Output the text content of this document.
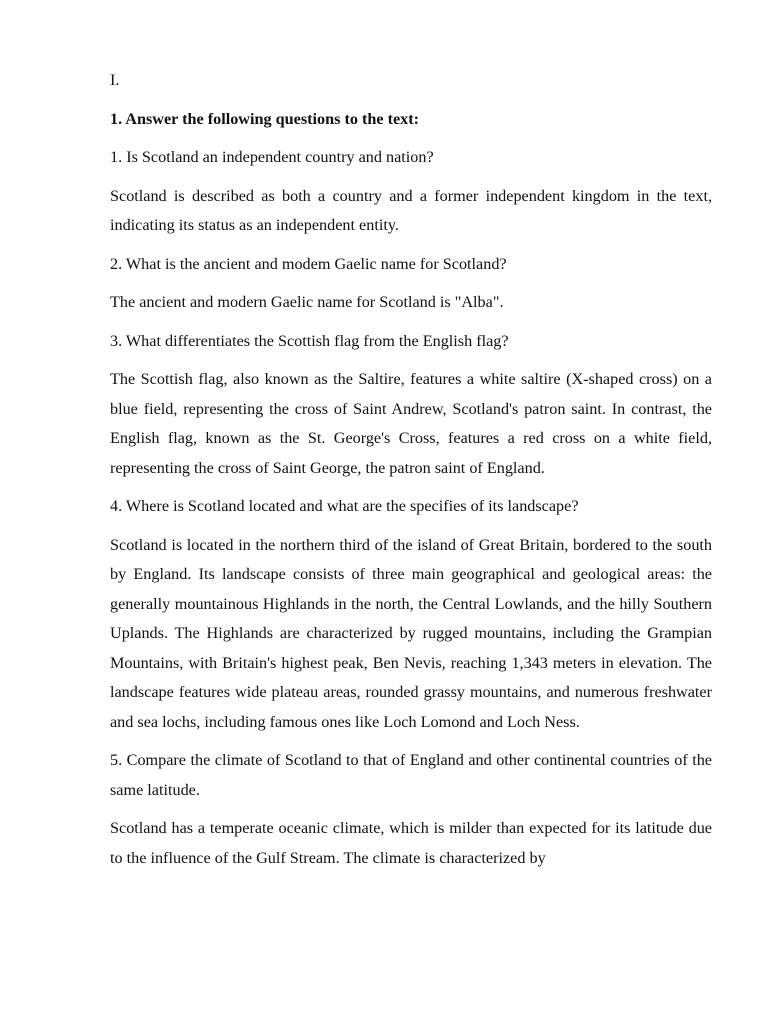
I.

1. Answer the following questions to the text:

1. Is Scotland an independent country and nation?

Scotland is described as both a country and a former independent kingdom in the text, indicating its status as an independent entity.

2. What is the ancient and modem Gaelic name for Scotland?

The ancient and modern Gaelic name for Scotland is "Alba".

3. What differentiates the Scottish flag from the English flag?

The Scottish flag, also known as the Saltire, features a white saltire (X-shaped cross) on a blue field, representing the cross of Saint Andrew, Scotland's patron saint. In contrast, the English flag, known as the St. George's Cross, features a red cross on a white field, representing the cross of Saint George, the patron saint of England.

4. Where is Scotland located and what are the specifies of its landscape?

Scotland is located in the northern third of the island of Great Britain, bordered to the south by England. Its landscape consists of three main geographical and geological areas: the generally mountainous Highlands in the north, the Central Lowlands, and the hilly Southern Uplands. The Highlands are characterized by rugged mountains, including the Grampian Mountains, with Britain's highest peak, Ben Nevis, reaching 1,343 meters in elevation. The landscape features wide plateau areas, rounded grassy mountains, and numerous freshwater and sea lochs, including famous ones like Loch Lomond and Loch Ness.

5. Compare the climate of Scotland to that of England and other continental countries of the same latitude.

Scotland has a temperate oceanic climate, which is milder than expected for its latitude due to the influence of the Gulf Stream. The climate is characterized by
